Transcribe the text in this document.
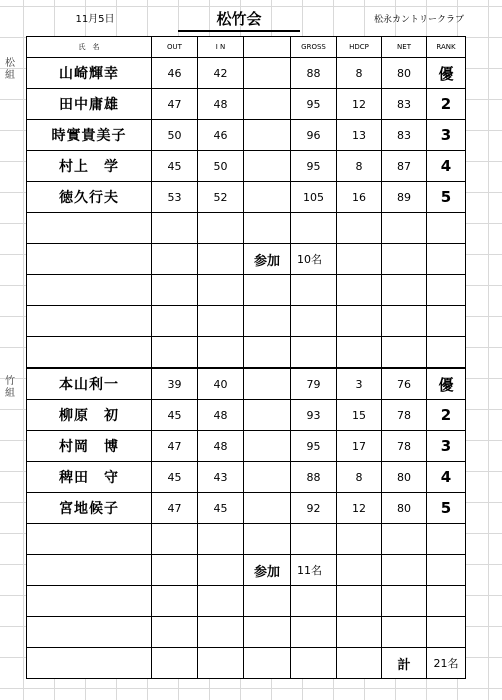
11月5日	松竹会	松永カントリークラブ
松組
竹組
氏　名	OUT	I N		GROSS	HDCP	NET	RANK
山崎輝幸	46	42		88	8	80	優
田中庸雄	47	48		95	12	83	2
時實貴美子	50	46		96	13	83	3
村上　学	45	50		95	8	87	4
徳久行夫	53	52		105	16	89	5

			参加	10名			

本山利一	39	40		79	3	76	優
柳原　初	45	48		93	15	78	2
村岡　博	47	48		95	17	78	3
稗田　守	45	43		88	8	80	4
宮地候子	47	45		92	12	80	5

			参加	11名			

						計	21名
